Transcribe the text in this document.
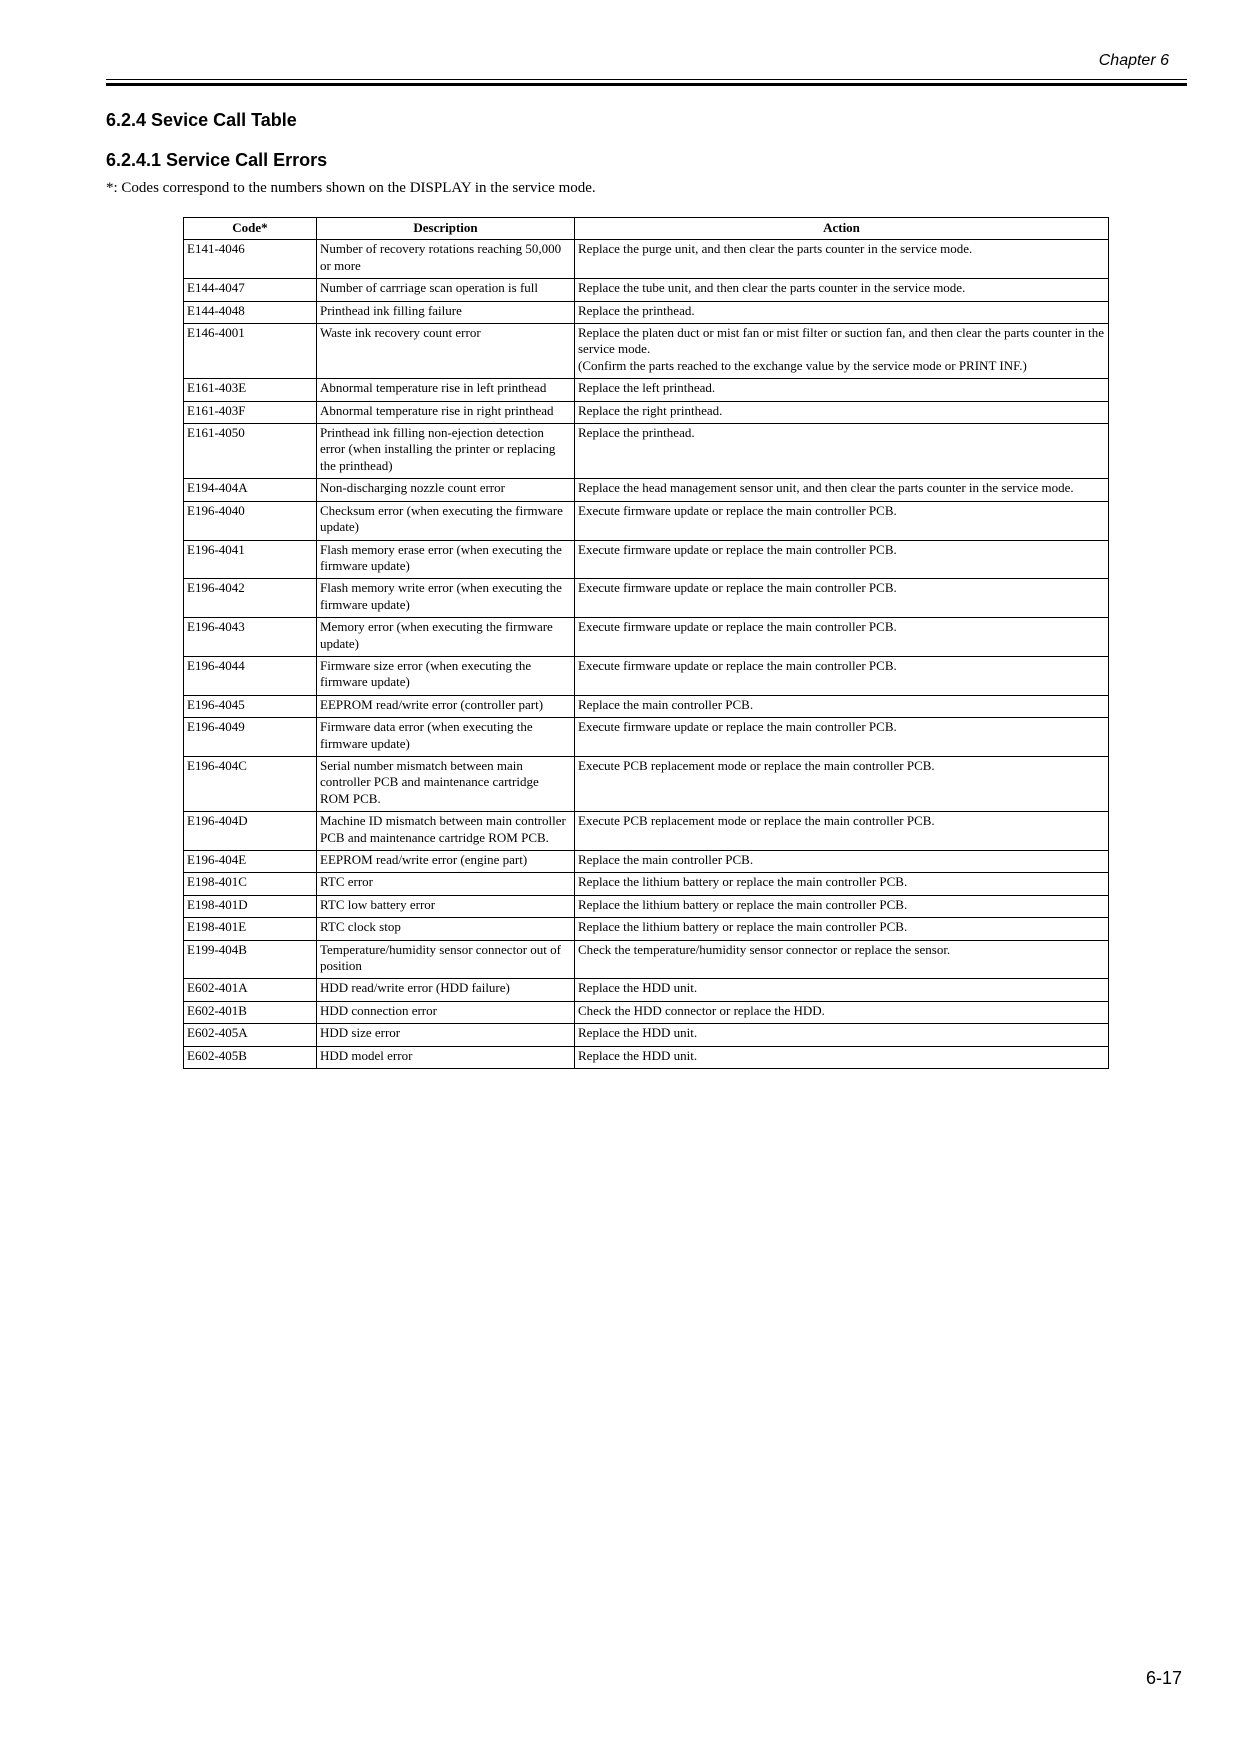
Chapter 6
6.2.4 Sevice Call Table
6.2.4.1 Service Call Errors

*: Codes correspond to the numbers shown on the DISPLAY in the service mode.

Code*	Description	Action
E141-4046	Number of recovery rotations reaching 50,000 or more	Replace the purge unit, and then clear the parts counter in the service mode.
E144-4047	Number of carrriage scan operation is full	Replace the tube unit, and then clear the parts counter in the service mode.
E144-4048	Printhead ink filling failure	Replace the printhead.
E146-4001	Waste ink recovery count error	Replace the platen duct or mist fan or mist filter or suction fan, and then clear the parts counter in the service mode.
(Confirm the parts reached to the exchange value by the service mode or PRINT INF.)
E161-403E	Abnormal temperature rise in left printhead	Replace the left printhead.
E161-403F	Abnormal temperature rise in right printhead	Replace the right printhead.
E161-4050	Printhead ink filling non-ejection detection error (when installing the printer or replacing the printhead)	Replace the printhead.
E194-404A	Non-discharging nozzle count error	Replace the head management sensor unit, and then clear the parts counter in the service mode.
E196-4040	Checksum error (when executing the firmware update)	Execute firmware update or replace the main controller PCB.
E196-4041	Flash memory erase error (when executing the firmware update)	Execute firmware update or replace the main controller PCB.
E196-4042	Flash memory write error (when executing the firmware update)	Execute firmware update or replace the main controller PCB.
E196-4043	Memory error (when executing the firmware update)	Execute firmware update or replace the main controller PCB.
E196-4044	Firmware size error (when executing the firmware update)	Execute firmware update or replace the main controller PCB.
E196-4045	EEPROM read/write error (controller part)	Replace the main controller PCB.
E196-4049	Firmware data error (when executing the firmware update)	Execute firmware update or replace the main controller PCB.
E196-404C	Serial number mismatch between main controller PCB and maintenance cartridge ROM PCB.	Execute PCB replacement mode or replace the main controller PCB.
E196-404D	Machine ID mismatch between main controller PCB and maintenance cartridge ROM PCB.	Execute PCB replacement mode or replace the main controller PCB.
E196-404E	EEPROM read/write error (engine part)	Replace the main controller PCB.
E198-401C	RTC error	Replace the lithium battery or replace the main controller PCB.
E198-401D	RTC low battery error	Replace the lithium battery or replace the main controller PCB.
E198-401E	RTC clock stop	Replace the lithium battery or replace the main controller PCB.
E199-404B	Temperature/humidity sensor connector out of position	Check the temperature/humidity sensor connector or replace the sensor.
E602-401A	HDD read/write error (HDD failure)	Replace the HDD unit.
E602-401B	HDD connection error	Check the HDD connector or replace the HDD.
E602-405A	HDD size error	Replace the HDD unit.
E602-405B	HDD model error	Replace the HDD unit.
6-17
